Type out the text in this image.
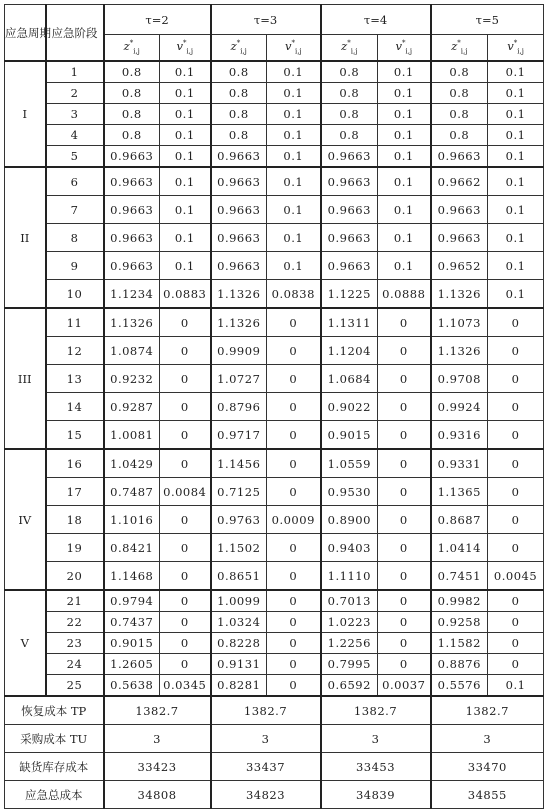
应急周期	应急阶段	τ=2		τ=3		τ=4		τ=5	
		$z^*_{i,j}$	$v^*_{i,j}$	$z^*_{i,j}$	$v^*_{i,j}$	$z^*_{i,j}$	$v^*_{i,j}$	$z^*_{i,j}$	$v^*_{i,j}$
I	1	0.8	0.1	0.8	0.1	0.8	0.1	0.8	0.1
	2	0.8	0.1	0.8	0.1	0.8	0.1	0.8	0.1
	3	0.8	0.1	0.8	0.1	0.8	0.1	0.8	0.1
	4	0.8	0.1	0.8	0.1	0.8	0.1	0.8	0.1
	5	0.9663	0.1	0.9663	0.1	0.9663	0.1	0.9663	0.1
II	6	0.9663	0.1	0.9663	0.1	0.9663	0.1	0.9662	0.1
	7	0.9663	0.1	0.9663	0.1	0.9663	0.1	0.9663	0.1
	8	0.9663	0.1	0.9663	0.1	0.9663	0.1	0.9663	0.1
	9	0.9663	0.1	0.9663	0.1	0.9663	0.1	0.9652	0.1
	10	1.1234	0.0883	1.1326	0.0838	1.1225	0.0888	1.1326	0.1
III	11	1.1326	0	1.1326	0	1.1311	0	1.1073	0
	12	1.0874	0	0.9909	0	1.1204	0	1.1326	0
	13	0.9232	0	1.0727	0	1.0684	0	0.9708	0
	14	0.9287	0	0.8796	0	0.9022	0	0.9924	0
	15	1.0081	0	0.9717	0	0.9015	0	0.9316	0
IV	16	1.0429	0	1.1456	0	1.0559	0	0.9331	0
	17	0.7487	0.0084	0.7125	0	0.9530	0	1.1365	0
	18	1.1016	0	0.9763	0.0009	0.8900	0	0.8687	0
	19	0.8421	0	1.1502	0	0.9403	0	1.0414	0
	20	1.1468	0	0.8651	0	1.1110	0	0.7451	0.0045
V	21	0.9794	0	1.0099	0	0.7013	0	0.9982	0
	22	0.7437	0	1.0324	0	1.0223	0	0.9258	0
	23	0.9015	0	0.8228	0	1.2256	0	1.1582	0
	24	1.2605	0	0.9131	0	0.7995	0	0.8876	0
	25	0.5638	0.0345	0.8281	0	0.6592	0.0037	0.5576	0.1
恢复成本 TP		1382.7		1382.7		1382.7		1382.7	
采购成本 TU		3		3		3		3	
缺货库存成本		33423		33437		33453		33470	
应急总成本		34808		34823		34839		34855	
